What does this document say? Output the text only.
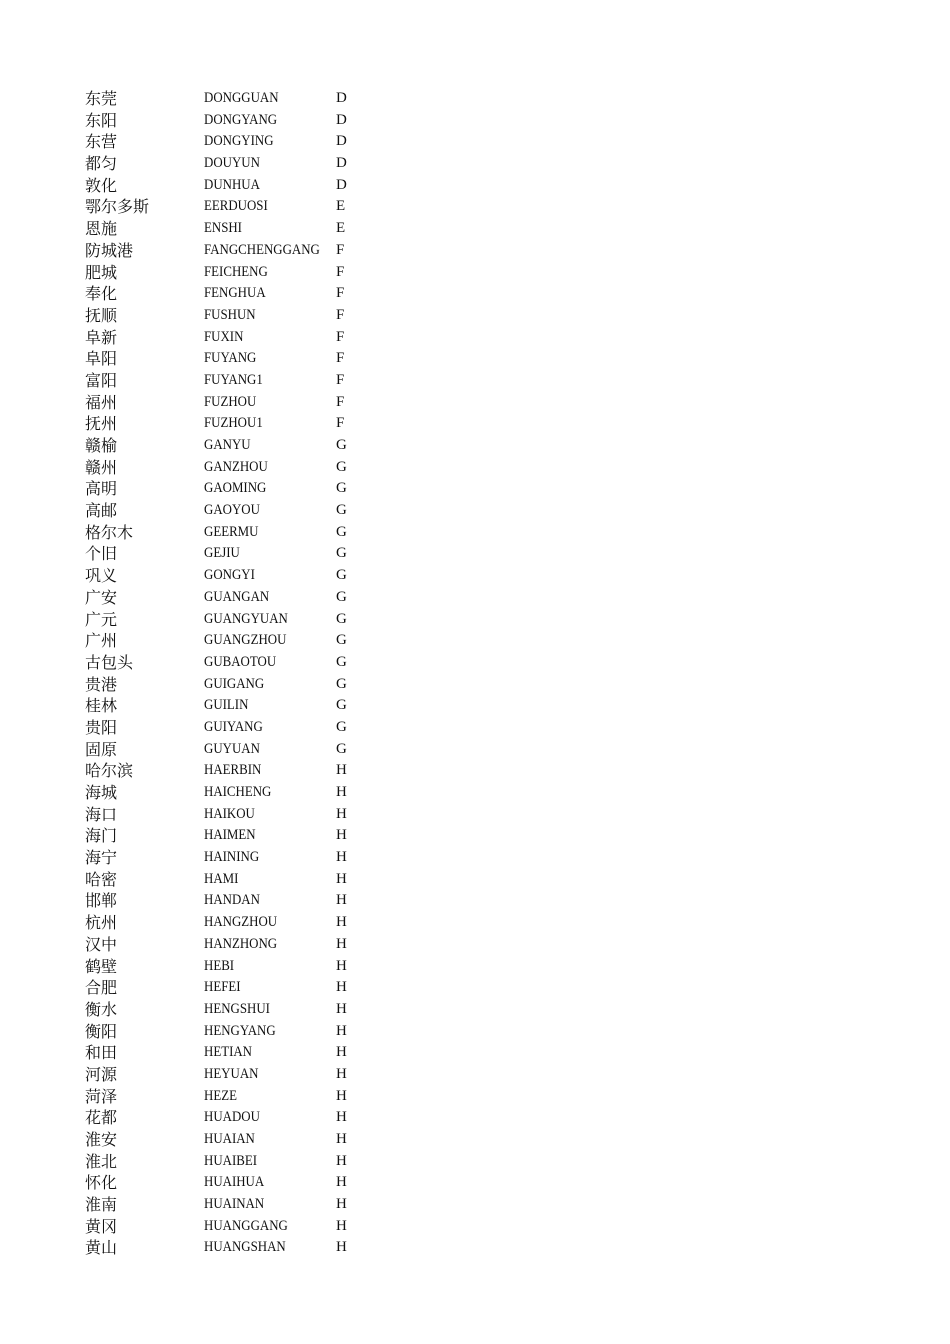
东莞	DONGGUAN	D
东阳	DONGYANG	D
东营	DONGYING	D
都匀	DOUYUN	D
敦化	DUNHUA	D
鄂尔多斯	EERDUOSI	E
恩施	ENSHI	E
防城港	FANGCHENGGANG F
肥城	FEICHENG	F
奉化	FENGHUA	F
抚顺	FUSHUN	F
阜新	FUXIN	F
阜阳	FUYANG	F
富阳	FUYANG1	F
福州	FUZHOU	F
抚州	FUZHOU1	F
赣榆	GANYU	G
赣州	GANZHOU	G
高明	GAOMING	G
高邮	GAOYOU	G
格尔木	GEERMU	G
个旧	GEJIU	G
巩义	GONGYI	G
广安	GUANGAN	G
广元	GUANGYUAN	G
广州	GUANGZHOU	G
古包头	GUBAOTOU	G
贵港	GUIGANG	G
桂林	GUILIN	G
贵阳	GUIYANG	G
固原	GUYUAN	G
哈尔滨	HAERBIN	H
海城	HAICHENG	H
海口	HAIKOU	H
海门	HAIMEN	H
海宁	HAINING	H
哈密	HAMI	H
邯郸	HANDAN	H
杭州	HANGZHOU	H
汉中	HANZHONG	H
鹤壁	HEBI	H
合肥	HEFEI	H
衡水	HENGSHUI	H
衡阳	HENGYANG	H
和田	HETIAN	H
河源	HEYUAN	H
菏泽	HEZE	H
花都	HUADOU	H
淮安	HUAIAN	H
淮北	HUAIBEI	H
怀化	HUAIHUA	H
淮南	HUAINAN	H
黄冈	HUANGGANG	H
黄山	HUANGSHAN	H
